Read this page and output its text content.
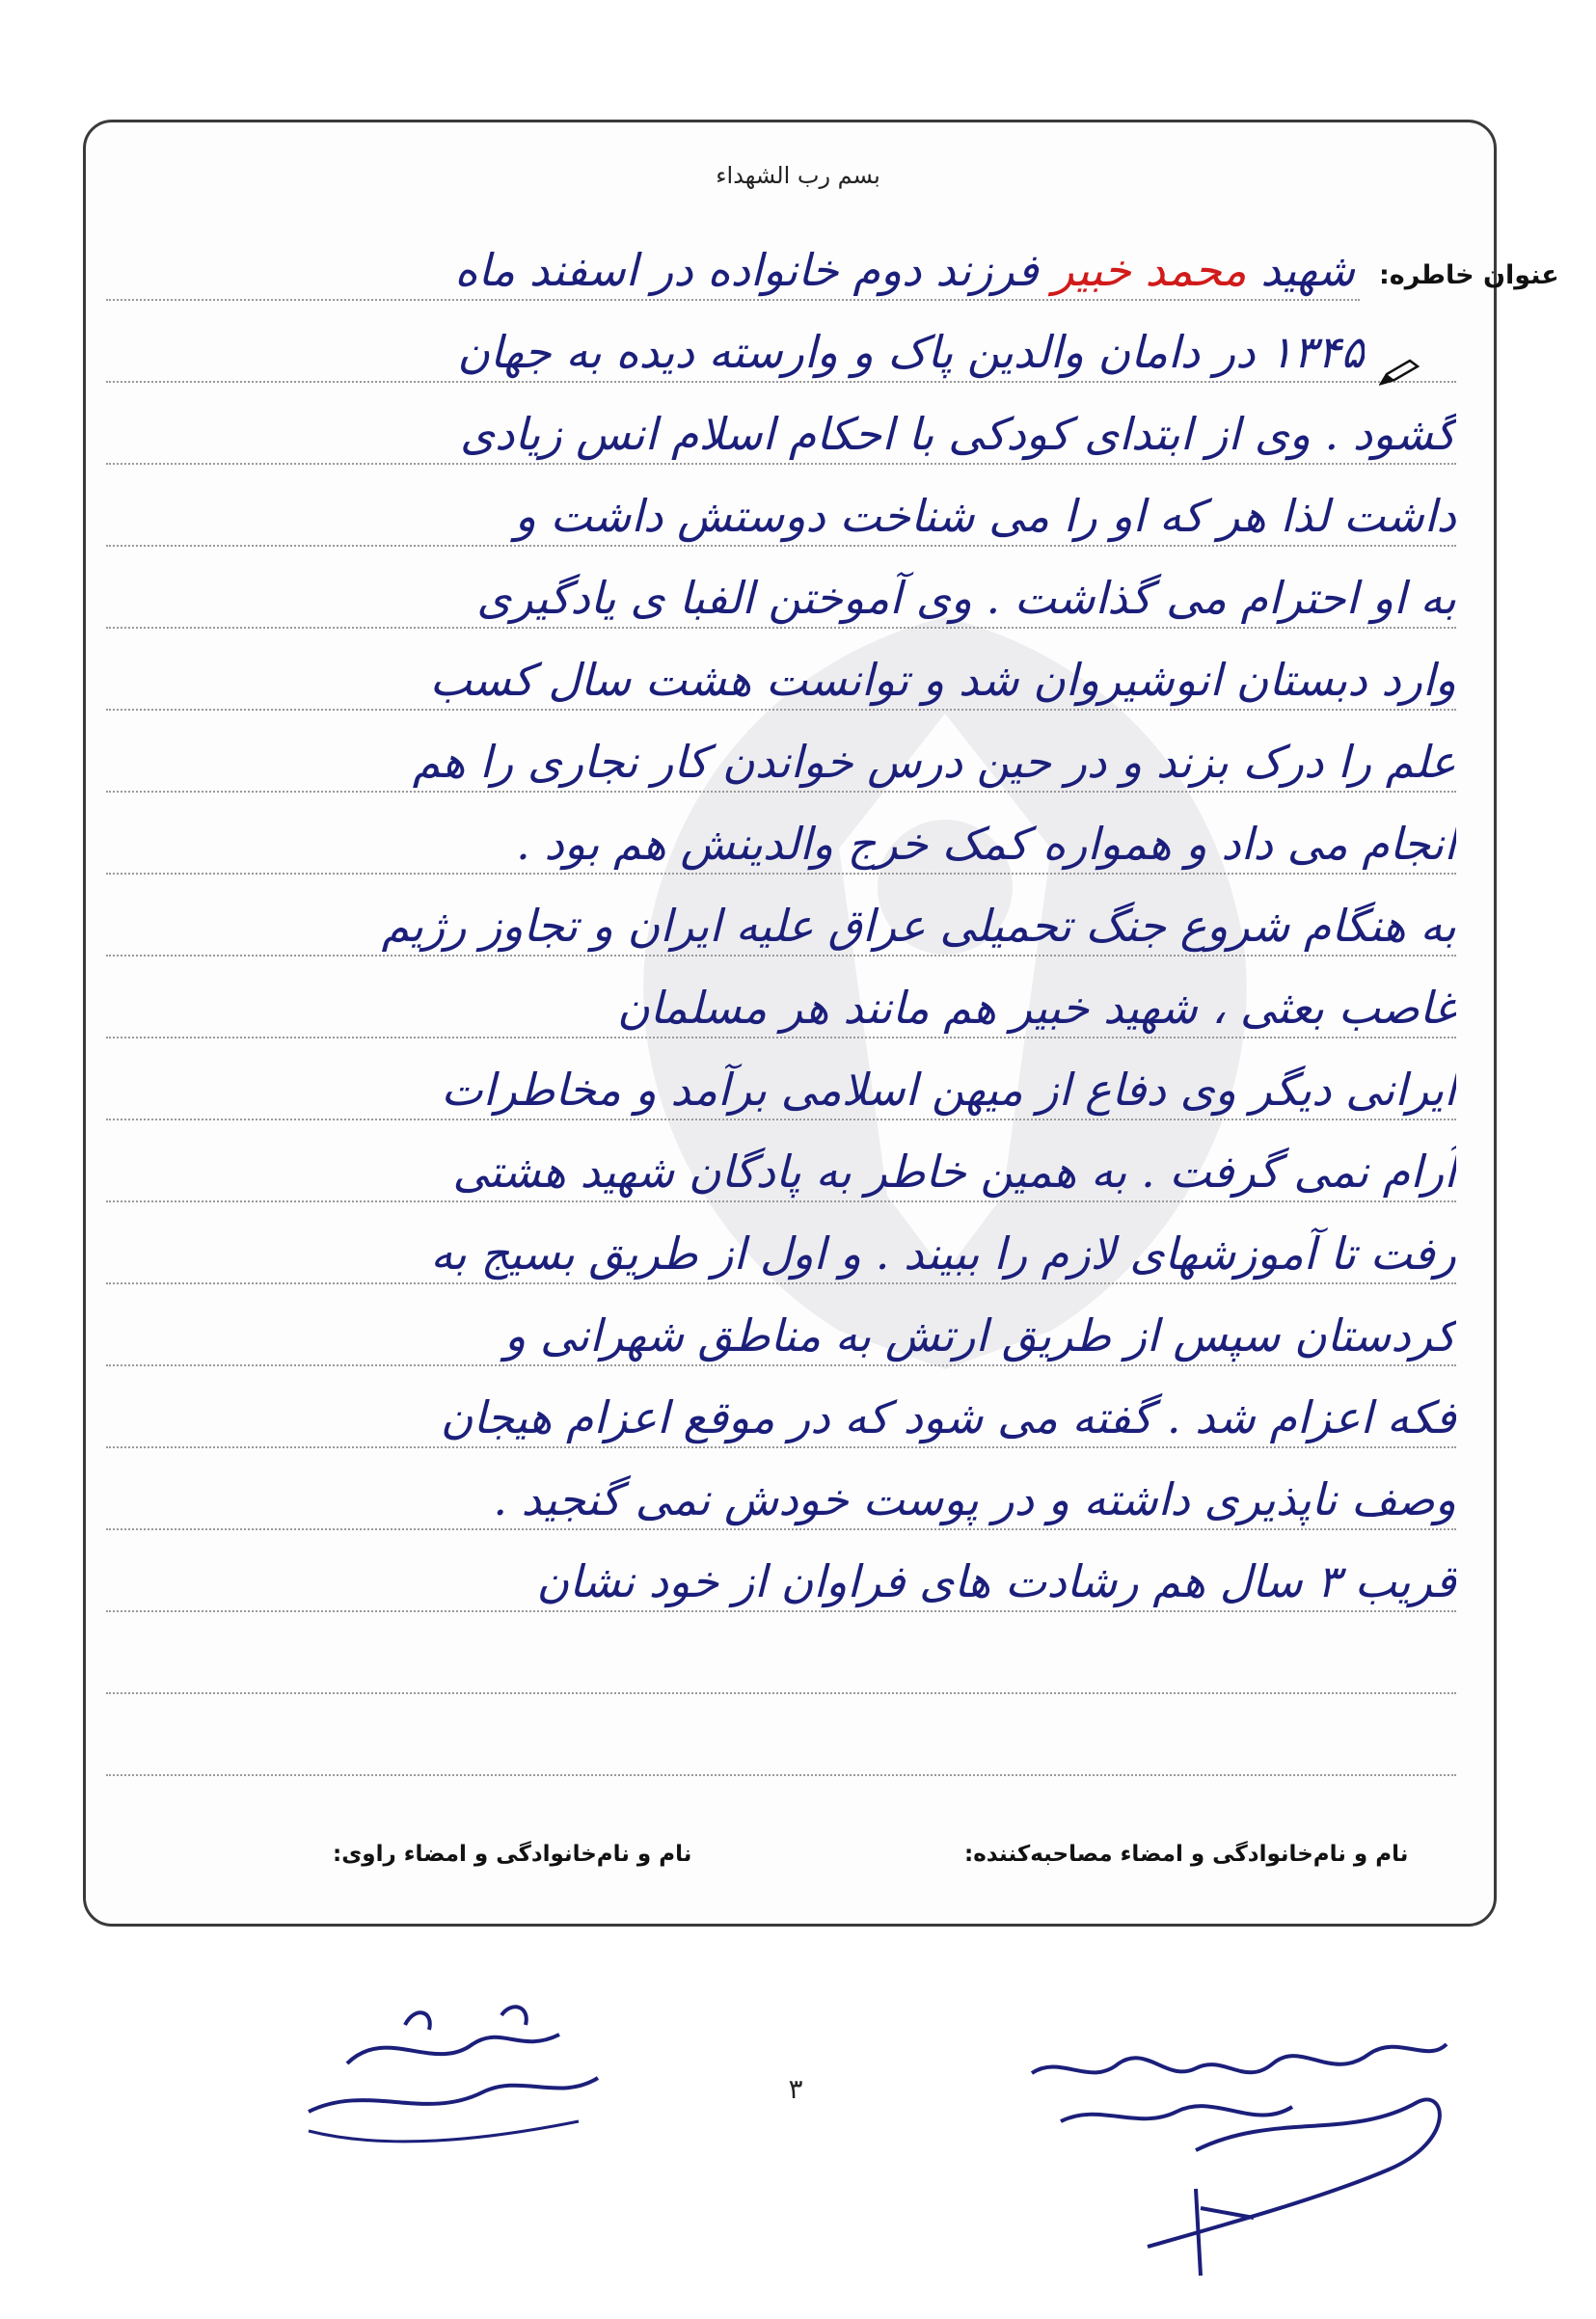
بسم رب الشهداء
عنوان خاطره:
شهید محمد خبیر فرزند دوم خانواده در اسفند ماه
۱۳۴۵ در دامان والدین پاک و وارسته دیده به جهان
گشود . وی از ابتدای کودکی با احکام اسلام انس زیادی
داشت لذا هر که او را می شناخت دوستش داشت و
به او احترام می گذاشت . وی آموختن الفبا ی یادگیری
وارد دبستان انوشیروان شد و توانست هشت سال کسب
علم را درک بزند و در حین درس خواندن کار نجاری را هم
انجام می داد و همواره کمک خرج والدینش هم بود .
به هنگام شروع جنگ تحمیلی عراق علیه ایران و تجاوز رژیم
غاصب بعثی ، شهید خبیر هم مانند هر مسلمان
ایرانی دیگر وی دفاع از میهن اسلامی برآمد و مخاطرات
آرام نمی گرفت . به همین خاطر به پادگان شهید هشتی
رفت تا آموزشهای لازم را ببیند . و اول از طریق بسیج به
کردستان سپس از طریق ارتش به مناطق شهرانی و
فکه اعزام شد . گفته می شود که در موقع اعزام هیجان
وصف ناپذیری داشته و در پوست خودش نمی گنجید .
قریب ۳ سال هم رشادت های فراوان از خود نشان
نام و نام‌خانوادگی و امضاء مصاحبه‌کننده:
نام و نام‌خانوادگی و امضاء راوی:
۳
